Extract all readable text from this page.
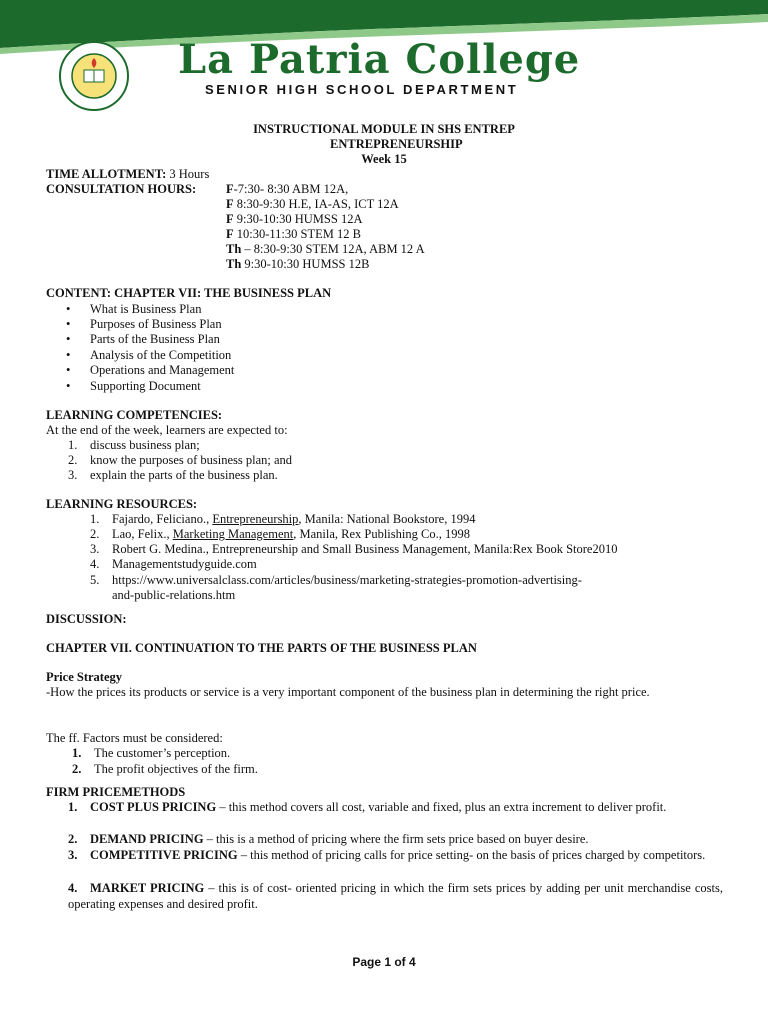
La Patria College
SENIOR HIGH SCHOOL DEPARTMENT
INSTRUCTIONAL MODULE IN SHS ENTREP
ENTREPRENEURSHIP
Week 15
TIME ALLOTMENT: 3 Hours
CONSULTATION HOURS: F-7:30- 8:30 ABM 12A,
F 8:30-9:30 H.E, IA-AS, ICT 12A
F 9:30-10:30 HUMSS 12A
F 10:30-11:30 STEM 12 B
Th – 8:30-9:30 STEM 12A, ABM 12 A
Th 9:30-10:30 HUMSS 12B
CONTENT: CHAPTER VII: THE BUSINESS PLAN
• What is Business Plan
• Purposes of Business Plan
• Parts of the Business Plan
• Analysis of the Competition
• Operations and Management
• Supporting Document
LEARNING COMPETENCIES:
At the end of the week, learners are expected to:
1. discuss business plan;
2. know the purposes of business plan; and
3. explain the parts of the business plan.
LEARNING RESOURCES:
1. Fajardo, Feliciano., Entrepreneurship, Manila: National Bookstore, 1994
2. Lao, Felix., Marketing Management, Manila, Rex Publishing Co., 1998
3. Robert G. Medina., Entrepreneurship and Small Business Management, Manila:Rex Book Store2010
4. Managementstudyguide.com
5. https://www.universalclass.com/articles/business/marketing-strategies-promotion-advertising-
and-public-relations.htm
DISCUSSION:
CHAPTER VII. CONTINUATION TO THE PARTS OF THE BUSINESS PLAN
Price Strategy
-How the prices its products or service is a very important component of the business plan in determining the right price.
The ff. Factors must be considered:
1. The customer’s perception.
2. The profit objectives of the firm.
FIRM PRICEMETHODS
1. COST PLUS PRICING – this method covers all cost, variable and fixed, plus an extra increment to deliver profit.
2. DEMAND PRICING – this is a method of pricing where the firm sets price based on buyer desire.
3. COMPETITIVE PRICING – this method of pricing calls for price setting- on the basis of prices charged by competitors.
4. MARKET PRICING – this is of cost- oriented pricing in which the firm sets prices by adding per unit merchandise costs, operating expenses and desired profit.
Page 1 of 4
